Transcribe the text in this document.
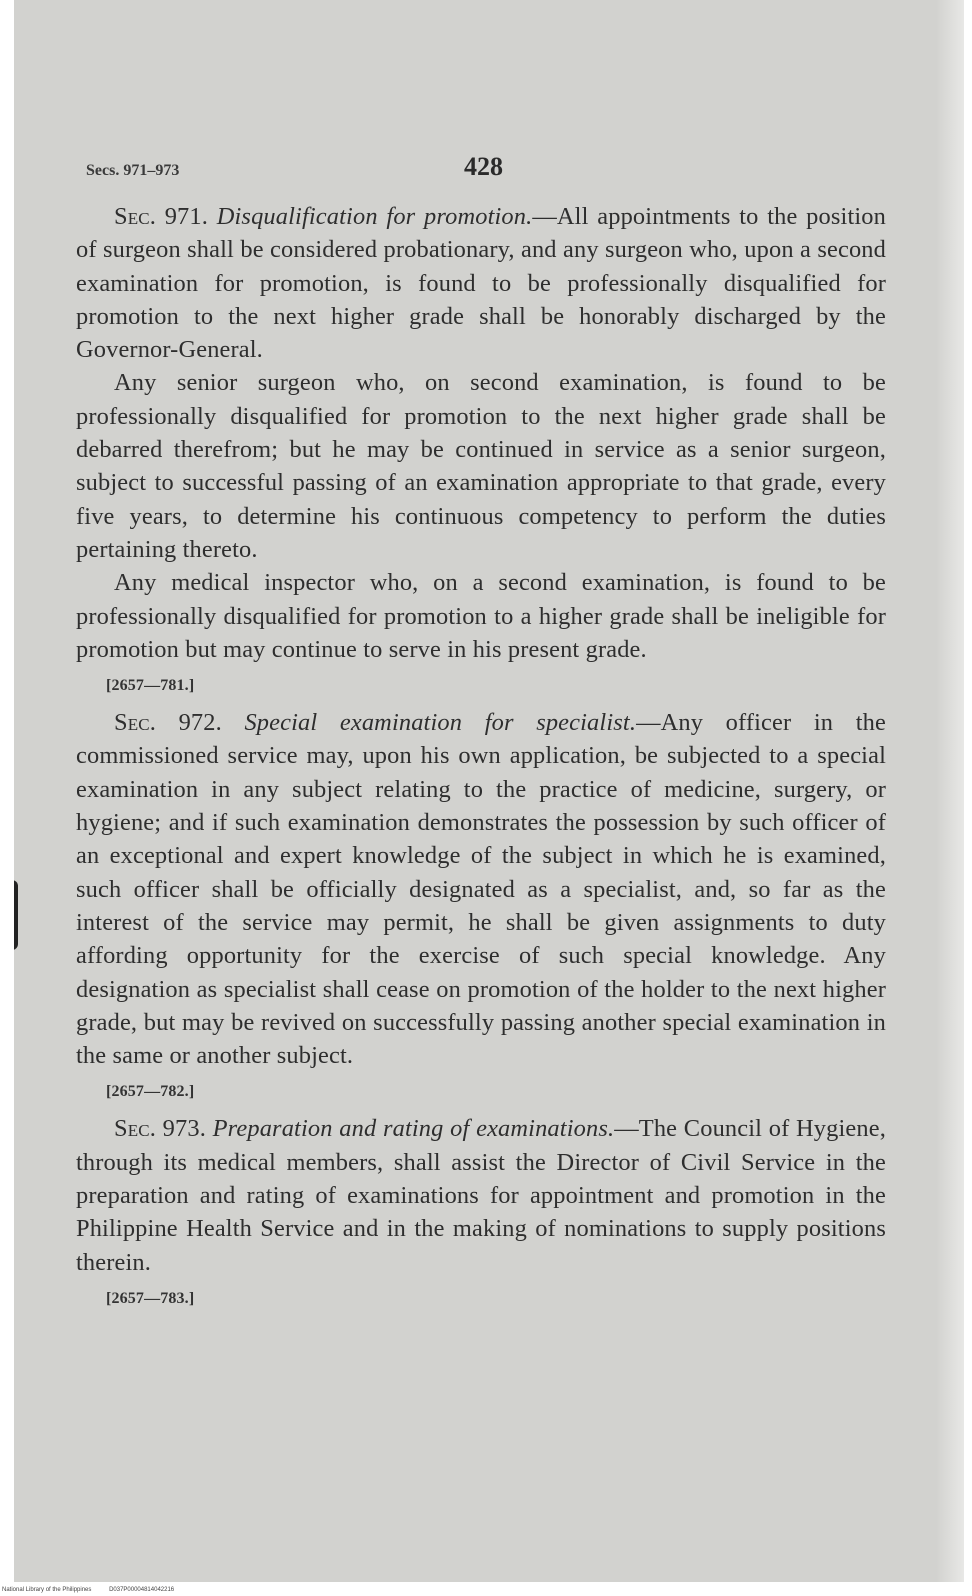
Secs. 971–973	428

Sec. 971. Disqualification for promotion.—All appointments to the position of surgeon shall be considered probationary, and any surgeon who, upon a second examination for promotion, is found to be professionally disqualified for promotion to the next higher grade shall be honorably discharged by the Governor-General.

Any senior surgeon who, on second examination, is found to be professionally disqualified for promotion to the next higher grade shall be debarred therefrom; but he may be continued in service as a senior surgeon, subject to successful passing of an examination appropriate to that grade, every five years, to determine his continuous competency to perform the duties pertaining thereto.

Any medical inspector who, on a second examination, is found to be professionally disqualified for promotion to a higher grade shall be ineligible for promotion but may continue to serve in his present grade.

[2657—781.]

Sec. 972. Special examination for specialist.—Any officer in the commissioned service may, upon his own application, be subjected to a special examination in any subject relating to the practice of medicine, surgery, or hygiene; and if such examination demonstrates the possession by such officer of an exceptional and expert knowledge of the subject in which he is examined, such officer shall be officially designated as a specialist, and, so far as the interest of the service may permit, he shall be given assignments to duty affording opportunity for the exercise of such special knowledge. Any designation as specialist shall cease on promotion of the holder to the next higher grade, but may be revived on successfully passing another special examination in the same or another subject.

[2657—782.]

Sec. 973. Preparation and rating of examinations.—The Council of Hygiene, through its medical members, shall assist the Director of Civil Service in the preparation and rating of examinations for appointment and promotion in the Philippine Health Service and in the making of nominations to supply positions therein.

[2657—783.]
National Library of the Philippines	D037P00004814042216
